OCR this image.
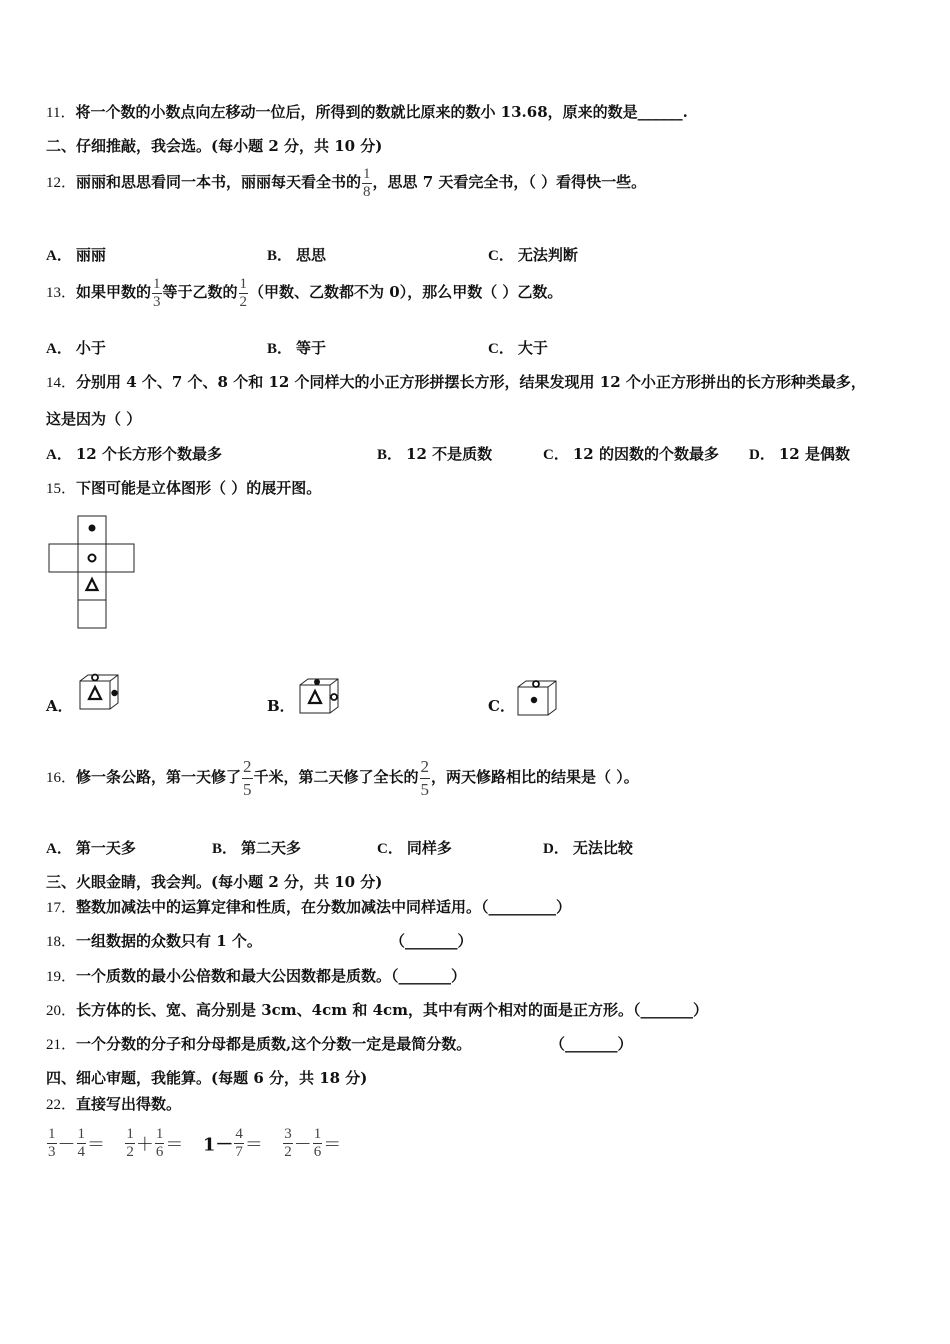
11．将一个数的小数点向左移动一位后，所得到的数就比原来的数小 13.68，原来的数是______.
二、仔细推敲，我会选。(每小题 2 分，共 10 分)
12．丽丽和思思看同一本书，丽丽每天看全书的 $\frac{1}{8}$ ，思思 7 天看完全书，（ ）看得快一些。
A． 丽丽	B． 思思	C． 无法判断
13．如果甲数的 $\frac{1}{3}$ 等于乙数的 $\frac{1}{2}$ （甲数、乙数都不为 0），那么甲数（ ）乙数。
A． 小于	B． 等于	C． 大于
14．分别用 4 个、7 个、8 个和 12 个同样大的小正方形拼摆长方形，结果发现用 12 个小正方形拼出的长方形种类最多，
这是因为（ ）
A． 12 个长方形个数最多	B． 12 不是质数	C． 12 的因数的个数最多 D． 12 是偶数
15．下图可能是立体图形（ ）的展开图。
A．	B．	C．
16．修一条公路，第一天修了 $\frac{2}{5}$ 千米，第二天修了全长的 $\frac{2}{5}$ ，两天修路相比的结果是（ ）。
A． 第一天多	B． 第二天多	C． 同样多	D． 无法比较
三、火眼金睛，我会判。(每小题 2 分，共 10 分)
17．整数加减法中的运算定律和性质，在分数加减法中同样适用。（_________）
18．一组数据的众数只有 1 个。	（_______）
19．一个质数的最小公倍数和最大公因数都是质数。（_______）
20．长方体的长、宽、高分别是 3cm、4cm 和 4cm，其中有两个相对的面是正方形。（_______）
21．一个分数的分子和分母都是质数,这个分数一定是最简分数。	（_______）
四、细心审题，我能算。(每题 6 分，共 18 分)
22．直接写出得数。
$\frac{1}{3} - \frac{1}{4} = \frac{1}{2} + \frac{1}{6} = 1- \frac{4}{7} = \frac{3}{2} - \frac{1}{6}$ ＝
